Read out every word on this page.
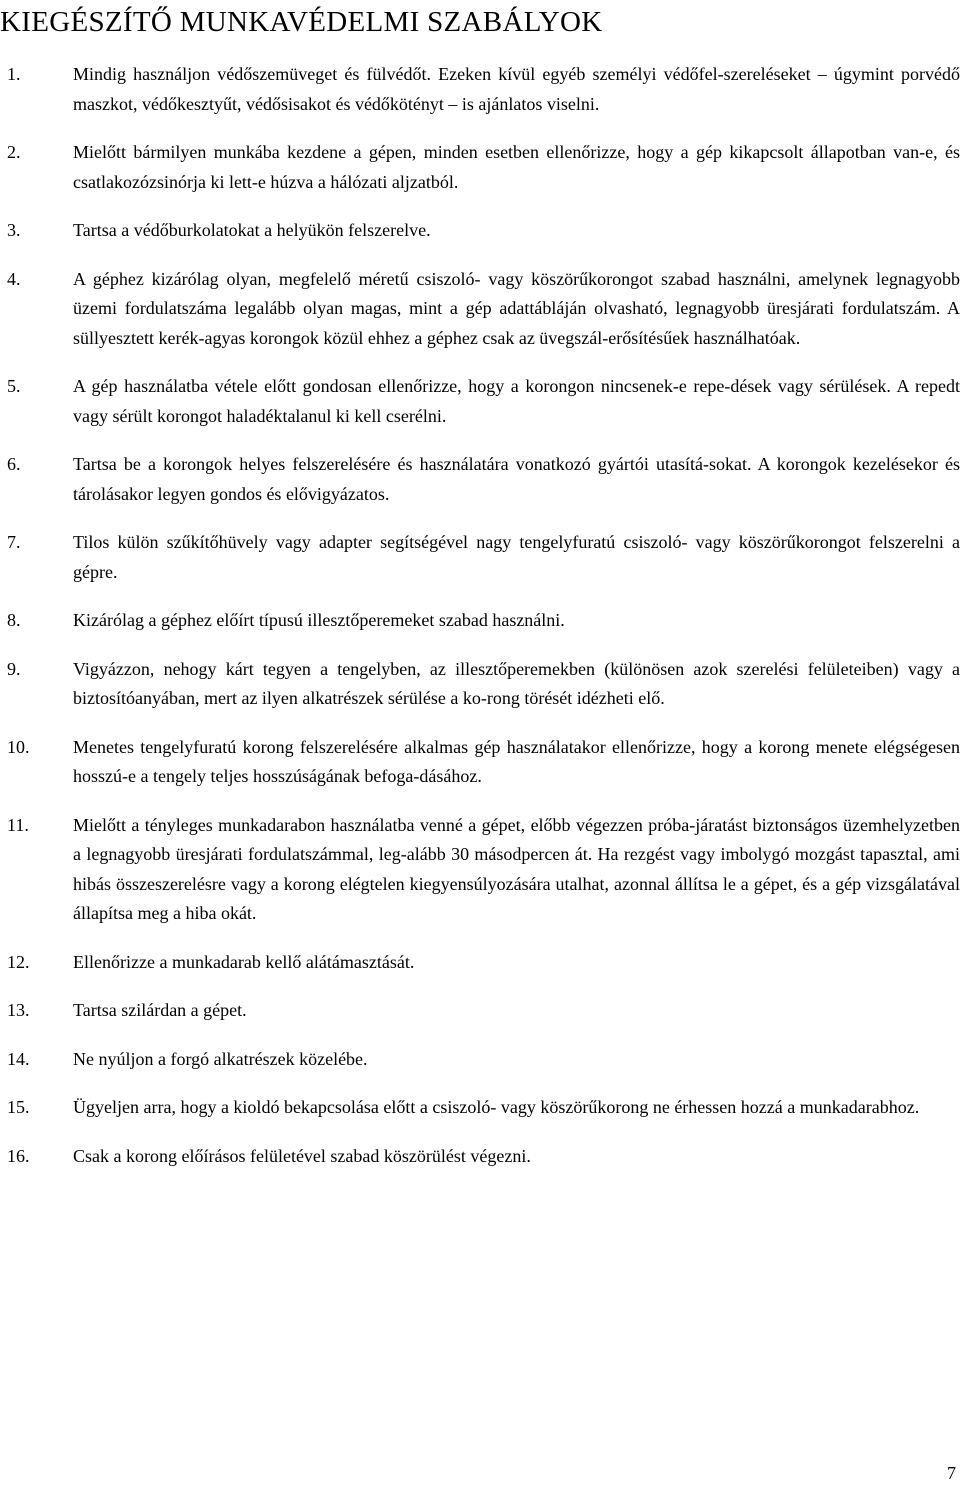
KIEGÉSZÍTŐ MUNKAVÉDELMI SZABÁLYOK
1.	Mindig használjon védőszemüveget és fülvédőt. Ezeken kívül egyéb személyi védőfel-szereléseket – úgymint porvédő maszkot, védőkesztyűt, védősisakot és védőkötényt – is ajánlatos viselni.
2.	Mielőtt bármilyen munkába kezdene a gépen, minden esetben ellenőrizze, hogy a gép kikapcsolt állapotban van-e, és csatlakozózsinórja ki lett-e húzva a hálózati aljzatból.
3.	Tartsa a védőburkolatokat a helyükön felszerelve.
4.	A géphez kizárólag olyan, megfelelő méretű csiszoló- vagy köszörűkorongot szabad használni, amelynek legnagyobb üzemi fordulatszáma legalább olyan magas, mint a gép adattábláján olvasható, legnagyobb üresjárati fordulatszám. A süllyesztett kerék-agyas korongok közül ehhez a géphez csak az üvegszál-erősítésűek használhatóak.
5.	A gép használatba vétele előtt gondosan ellenőrizze, hogy a korongon nincsenek-e repe-dések vagy sérülések. A repedt vagy sérült korongot haladéktalanul ki kell cserélni.
6.	Tartsa be a korongok helyes felszerelésére és használatára vonatkozó gyártói utasítá-sokat. A korongok kezelésekor és tárolásakor legyen gondos és elővigyázatos.
7.	Tilos külön szűkítőhüvely vagy adapter segítségével nagy tengelyfuratú csiszoló- vagy köszörűkorongot felszerelni a gépre.
8.	Kizárólag a géphez előírt típusú illesztőperemeket szabad használni.
9.	Vigyázzon, nehogy kárt tegyen a tengelyben, az illesztőperemekben (különösen azok szerelési felületeiben) vagy a biztosítóanyában, mert az ilyen alkatrészek sérülése a ko-rong törését idézheti elő.
10.	Menetes tengelyfuratú korong felszerelésére alkalmas gép használatakor ellenőrizze, hogy a korong menete elégségesen hosszú-e a tengely teljes hosszúságának befoga-dásához.
11.	Mielőtt a tényleges munkadarabon használatba venné a gépet, előbb végezzen próba-járatást biztonságos üzemhelyzetben a legnagyobb üresjárati fordulatszámmal, leg-alább 30 másodpercen át. Ha rezgést vagy imbolygó mozgást tapasztal, ami hibás összeszerelésre vagy a korong elégtelen kiegyensúlyozására utalhat, azonnal állítsa le a gépet, és a gép vizsgálatával állapítsa meg a hiba okát.
12.	Ellenőrizze a munkadarab kellő alátámasztását.
13.	Tartsa szilárdan a gépet.
14.	Ne nyúljon a forgó alkatrészek közelébe.
15.	Ügyeljen arra, hogy a kioldó bekapcsolása előtt a csiszoló- vagy köszörűkorong ne érhessen hozzá a munkadarabhoz.
16.	Csak a korong előírásos felületével szabad köszörülést végezni.
7
